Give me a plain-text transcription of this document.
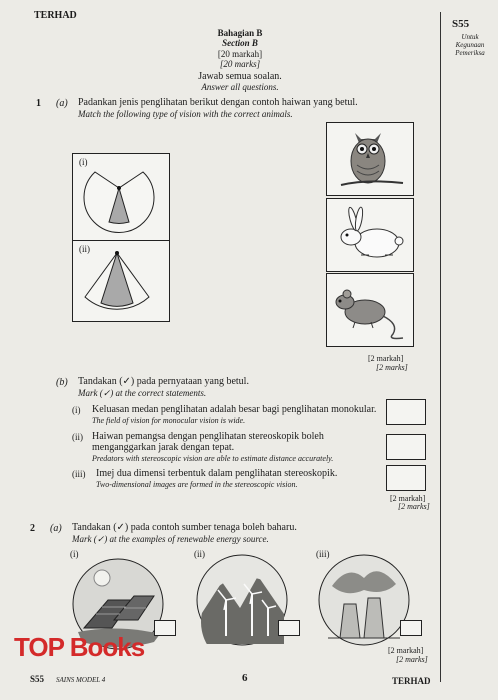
TERHAD
S55
Untuk
Kegunaan
Pemeriksa
Bahagian B
Section B
[20 markah]
[20 marks]
Jawab semua soalan.
Answer all questions.
1 (a) Padankan jenis penglihatan berikut dengan contoh haiwan yang betul.
Match the following type of vision with the correct animals.
(i)
(ii)
[2 markah]
[2 marks]
(b) Tandakan (✓) pada pernyataan yang betul.
Mark (✓) at the correct statements.
(i) Keluasan medan penglihatan adalah besar bagi penglihatan monokular.
The field of vision for monocular vision is wide.
(ii) Haiwan pemangsa dengan penglihatan stereoskopik boleh
menganggarkan jarak dengan tepat.
Predators with stereoscopic vision are able to estimate distance accurately.
(iii) Imej dua dimensi terbentuk dalam penglihatan stereoskopik.
Two-dimensional images are formed in the stereoscopic vision.
[2 markah]
[2 marks]
2 (a) Tandakan (✓) pada contoh sumber tenaga boleh baharu.
Mark (✓) at the examples of renewable energy source.
(i)	(ii)	(iii)
[2 markah]
[2 marks]
TOP Books
S55 SAINS MODEL 4	6	TERHAD
